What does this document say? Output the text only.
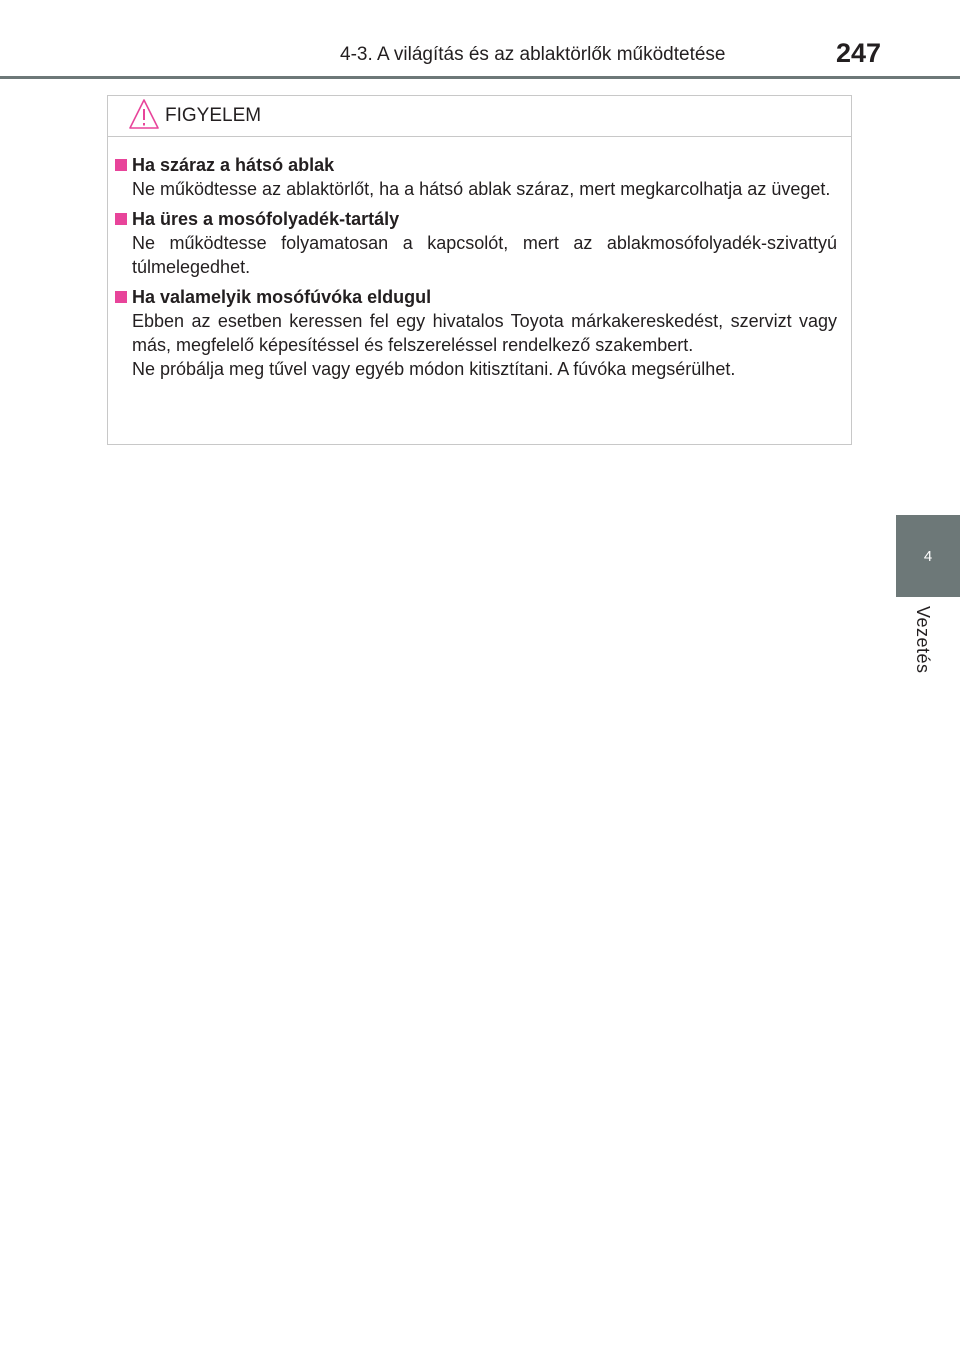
4-3. A világítás és az ablaktörlők működtetése	247
4
Vezetés
FIGYELEM
Ha száraz a hátsó ablak

Ne működtesse az ablaktörlőt, ha a hátsó ablak száraz, mert megkarcolhatja az üveget.

Ha üres a mosófolyadék-tartály

Ne működtesse folyamatosan a kapcsolót, mert az ablakmosófolyadék-szivattyú túlmelegedhet.

Ha valamelyik mosófúvóka eldugul

Ebben az esetben keressen fel egy hivatalos Toyota márkakereskedést, szervizt vagy más, megfelelő képesítéssel és felszereléssel rendelkező szakembert.

Ne próbálja meg tűvel vagy egyéb módon kitisztítani. A fúvóka megsérülhet.
